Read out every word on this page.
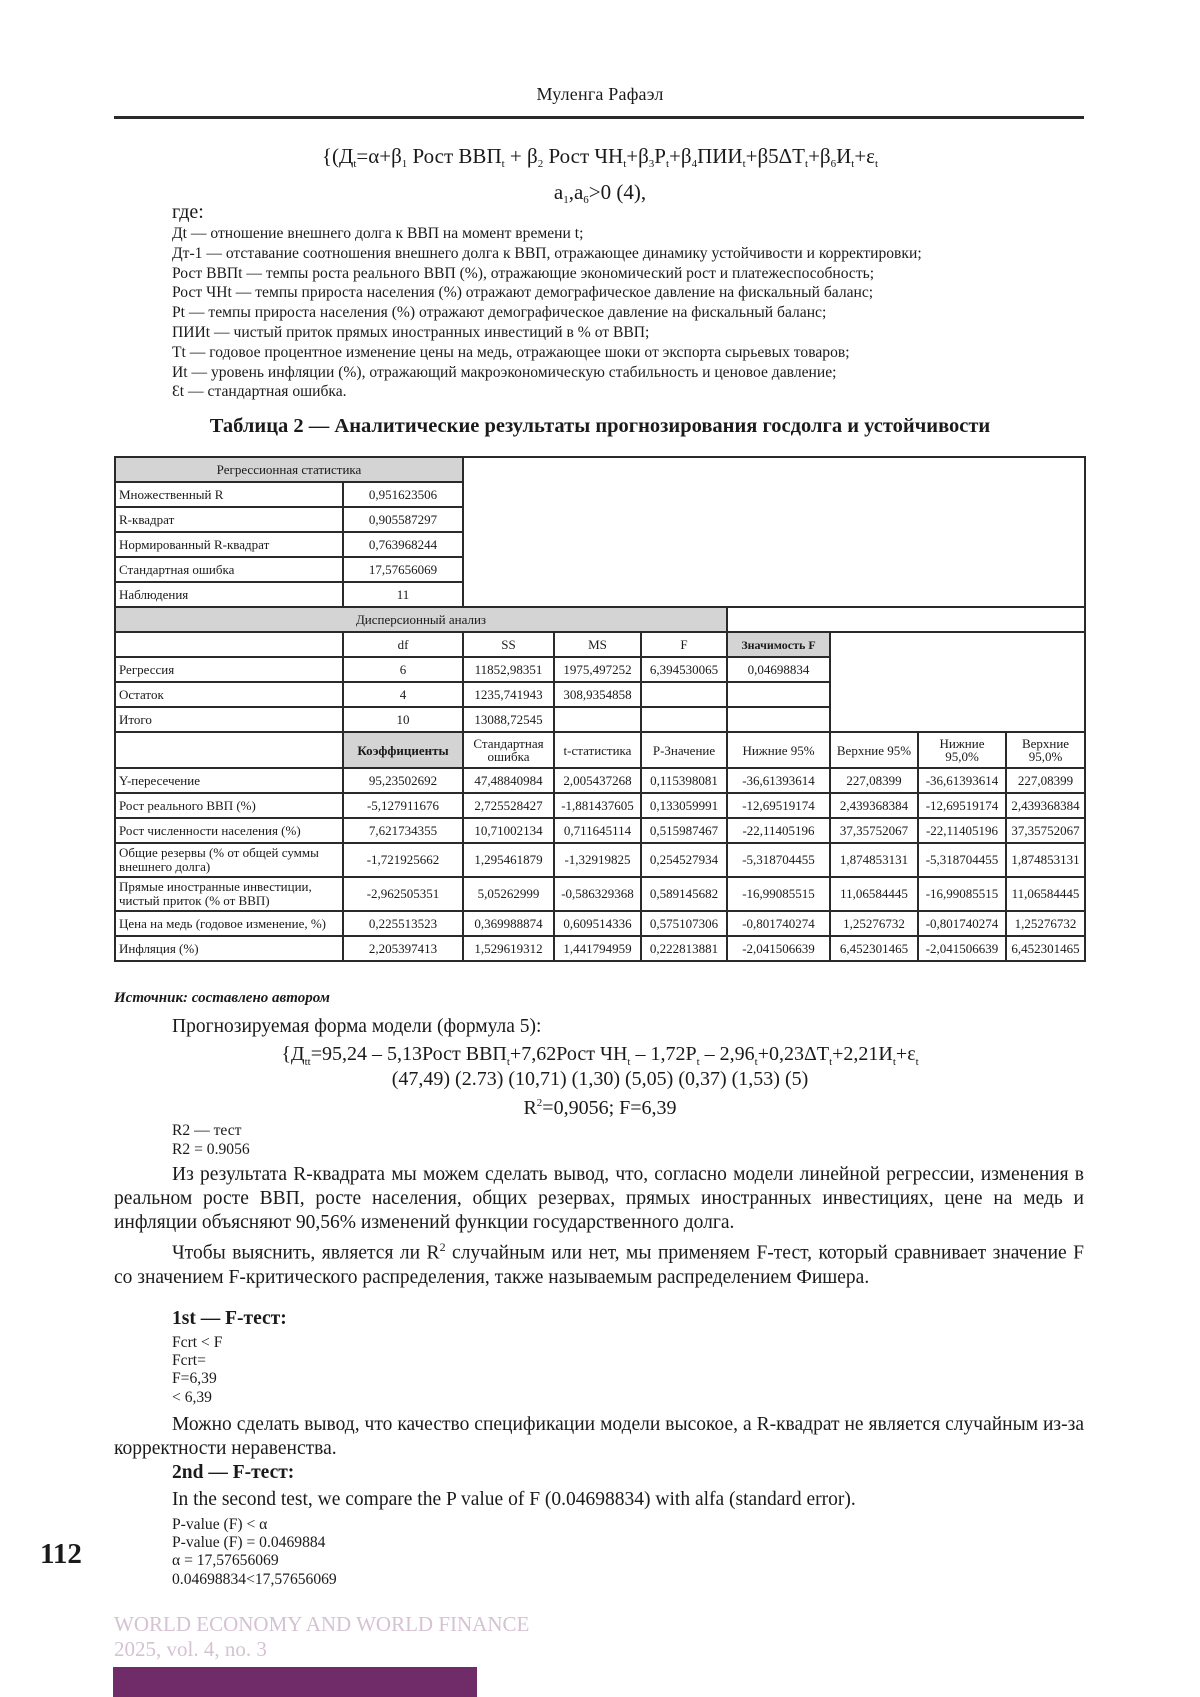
Муленга Рафаэл
{($Д_t=\alpha+\beta_1$ Рост $ВВП_t + \beta_2$ Рост $ЧН_t+\beta_3P_t+\beta_4ПИИ_t+\beta 5\Delta Т_t+\beta_6И_t+\varepsilon_t$
$a_1,a_6>0$ (4),
где:
Дt — отношение внешнего долга к ВВП на момент времени t;
Дт-1 — отставание соотношения внешнего долга к ВВП, отражающее динамику устойчивости и корректировки;
Рост ВВПt — темпы роста реального ВВП (%), отражающие экономический рост и платежеспособность;
Рост ЧНt — темпы прироста населения (%) отражают демографическое давление на фискальный баланс;
Pt — темпы прироста населения (%) отражают демографическое давление на фискальный баланс;
ПИИt — чистый приток прямых иностранных инвестиций в % от ВВП;
Tt — годовое процентное изменение цены на медь, отражающее шоки от экспорта сырьевых товаров;
Иt — уровень инфляции (%), отражающий макроэкономическую стабильность и ценовое давление;
Ɛt — стандартная ошибка.
Таблица 2 — Аналитические результаты прогнозирования госдолга и устойчивости
Регрессионная статистика								
Множественный R	0,951623506							
R-квадрат	0,905587297							
Нормированный R-квадрат	0,763968244							
Стандартная ошибка	17,57656069							
Наблюдения	11							
Дисперсионный анализ								
	df	SS	MS	F	Значимость F			
Регрессия	6	11852,98351	1975,497252	6,394530065	0,04698834			
Остаток	4	1235,741943	308,9354858					
Итого	10	13088,72545						
	Коэффициенты	Стандартная ошибка	t-статистика	P-Значение	Нижние 95%	Верхние 95%	Нижние 95,0%	Верхние 95,0%
Y-пересечение	95,23502692	47,48840984	2,005437268	0,115398081	-36,61393614	227,08399	-36,61393614	227,08399
Рост реального ВВП (%)	-5,127911676	2,725528427	-1,881437605	0,133059991	-12,69519174	2,439368384	-12,69519174	2,439368384
Рост численности населения (%)	7,621734355	10,71002134	0,711645114	0,515987467	-22,11405196	37,35752067	-22,11405196	37,35752067
Общие резервы (% от общей суммы внешнего долга)	-1,721925662	1,295461879	-1,32919825	0,254527934	-5,318704455	1,874853131	-5,318704455	1,874853131
Прямые иностранные инвестиции, чистый приток (% от ВВП)	-2,962505351	5,05262999	-0,586329368	0,589145682	-16,99085515	11,06584445	-16,99085515	11,06584445
Цена на медь (годовое изменение, %)	0,225513523	0,369988874	0,609514336	0,575107306	-0,801740274	1,25276732	-0,801740274	1,25276732
Инфляция (%)	2,205397413	1,529619312	1,441794959	0,222813881	-2,041506639	6,452301465	-2,041506639	6,452301465
Источник: составлено автором
Прогнозируемая форма модели (формула 5):
{$Д_{tt}=95,24$ – 5,13Рост $ВВП_t+7,62Рост$ $ЧН_t - 1,72P_t - 2,96_t+0,23\Delta Т_t+2,21И_t+\varepsilon_t$
(47,49) (2.73) (10,71) (1,30) (5,05) (0,37) (1,53) (5)
$R^2=0,9056$; F=6,39
R2 — тест
R2 = 0.9056
Из результата R-квадрата мы можем сделать вывод, что, согласно модели линейной регрессии, изменения в реальном росте ВВП, росте населения, общих резервах, прямых иностранных инвестициях, цене на медь и инфляции объясняют 90,56% изменений функции государственного долга.
Чтобы выяснить, является ли $R^2$ случайным или нет, мы применяем F-тест, который сравнивает значение F со значением F-критического распределения, также называемым распределением Фишера.
1st — F-тест:
Fcrt < F
Fcrt=
F=6,39
< 6,39
Можно сделать вывод, что качество спецификации модели высокое, а R-квадрат не является случайным из-за корректности неравенства.
2nd — F-тест:
In the second test, we compare the P value of F (0.04698834) with alfa (standard error).
P-value (F) < α
P-value (F) = 0.0469884
α = 17,57656069
0.04698834<17,57656069
112
WORLD ECONOMY AND WORLD FINANCE
2025, vol. 4, no. 3
